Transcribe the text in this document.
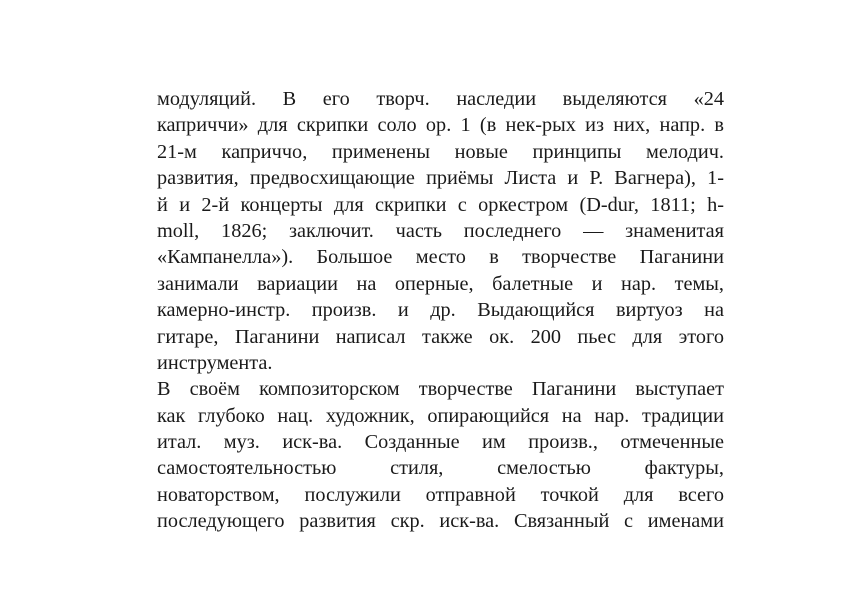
модуляций. В его творч. наследии выделяются «24
каприччи» для скрипки соло ор. 1 (в нек-рых из них, напр. в
21-м каприччо, применены новые принципы мелодич.
развития, предвосхищающие приёмы Листа и Р. Вагнера), 1-
й и 2-й концерты для скрипки с оркестром (D-dur, 1811; h-
moll, 1826; заключит. часть последнего — знаменитая
«Кампанелла»). Большое место в творчестве Паганини
занимали вариации на оперные, балетные и нар. темы,
камерно-инстр. произв. и др. Выдающийся виртуоз на
гитаре, Паганини написал также ок. 200 пьес для этого
инструмента.
В своём композиторском творчестве Паганини выступает
как глубоко нац. художник, опирающийся на нар. традиции
итал. муз. иск-ва. Созданные им произв., отмеченные
самостоятельностью стиля, смелостью фактуры,
новаторством, послужили отправной точкой для всего
последующего развития скр. иск-ва. Связанный с именами
